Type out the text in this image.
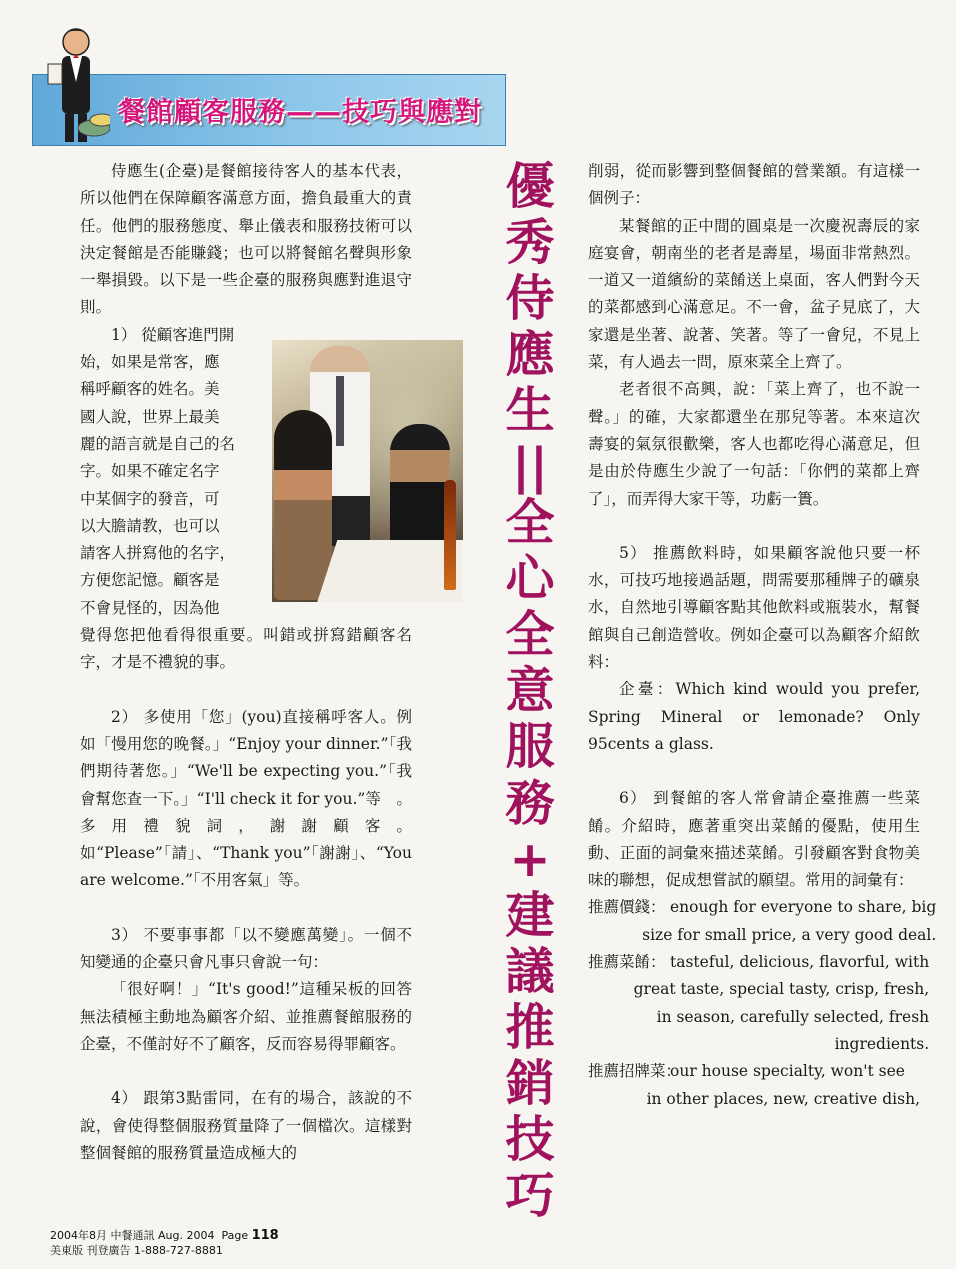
餐館顧客服務——技巧與應對

侍應生(企臺)是餐館接待客人的基本代表，所以他們在保障顧客滿意方面，擔負最重大的責任。他們的服務態度、舉止儀表和服務技術可以決定餐館是否能賺錢；也可以將餐館名聲與形象一舉損毀。以下是一些企臺的服務與應對進退守則。

1） 從顧客進門開
始，如果是常客，應
稱呼顧客的姓名。美
國人說，世界上最美
麗的語言就是自己的名
字。如果不確定名字
中某個字的發音，可
以大膽請教，也可以
請客人拼寫他的名字，
方便您記憶。顧客是
不會見怪的，因為他

覺得您把他看得很重要。叫錯或拼寫錯顧客名字，才是不禮貌的事。

2） 多使用「您」(you)直接稱呼客人。例如「慢用您的晚餐。」“Enjoy your dinner.”「我們期待著您。」“We'll be expecting you.”「我會幫您查一下。」“I'll check it for you.”等　。多用禮貌詞，謝謝顧客。如“Please”「請」、“Thank you”「謝謝」、“You are welcome.”「不用客氣」等。

3） 不要事事都「以不變應萬變」。一個不知變通的企臺只會凡事只會說一句：

「很好啊！」“It's good!”這種呆板的回答無法積極主動地為顧客介紹、並推薦餐館服務的企臺，不僅討好不了顧客，反而容易得罪顧客。

4） 跟第3點雷同，在有的場合，該說的不說，會使得整個服務質量降了一個檔次。這樣對整個餐館的服務質量造成極大的

優
秀
侍
應
生
||
全
心
全
意
服
務
+
建
議
推
銷
技
巧

削弱，從而影響到整個餐館的營業額。有這樣一個例子：

某餐館的正中間的圓桌是一次慶祝壽辰的家庭宴會，朝南坐的老者是壽星，場面非常熱烈。一道又一道繽紛的菜餚送上桌面，客人們對今天的菜都感到心滿意足。不一會，盆子見底了，大家還是坐著、說著、笑著。等了一會兒，不見上菜，有人過去一問，原來菜全上齊了。

老者很不高興，說：「菜上齊了，也不說一聲。」的確，大家都還坐在那兒等著。本來這次壽宴的氣氛很歡樂，客人也都吃得心滿意足，但是由於侍應生少說了一句話：「你們的菜都上齊了」，而弄得大家干等，功虧一簣。

5） 推薦飲料時，如果顧客說他只要一杯水，可技巧地接過話題，問需要那種牌子的礦泉水，自然地引導顧客點其他飲料或瓶裝水，幫餐館與自己創造營收。例如企臺可以為顧客介紹飲料：

企臺：Which kind would you prefer, Spring Mineral or lemonade? Only 95cents a glass.

6） 到餐館的客人常會請企臺推薦一些菜餚。介紹時，應著重突出菜餚的優點，使用生動、正面的詞彙來描述菜餚。引發顧客對食物美味的聯想，促成想嘗試的願望。常用的詞彙有：

推薦價錢： enough for everyone to share, big
size for small price, a very good deal.
推薦菜餚： tasteful, delicious, flavorful, with
great taste, special tasty, crisp, fresh,
in season, carefully selected, fresh
ingredients.
推薦招牌菜：
our house specialty, won't see
in other places, new, creative dish,
2004年8月 中餐通訊 Aug. 2004 Page 118
美東版 刊登廣告 1-888-727-8881
